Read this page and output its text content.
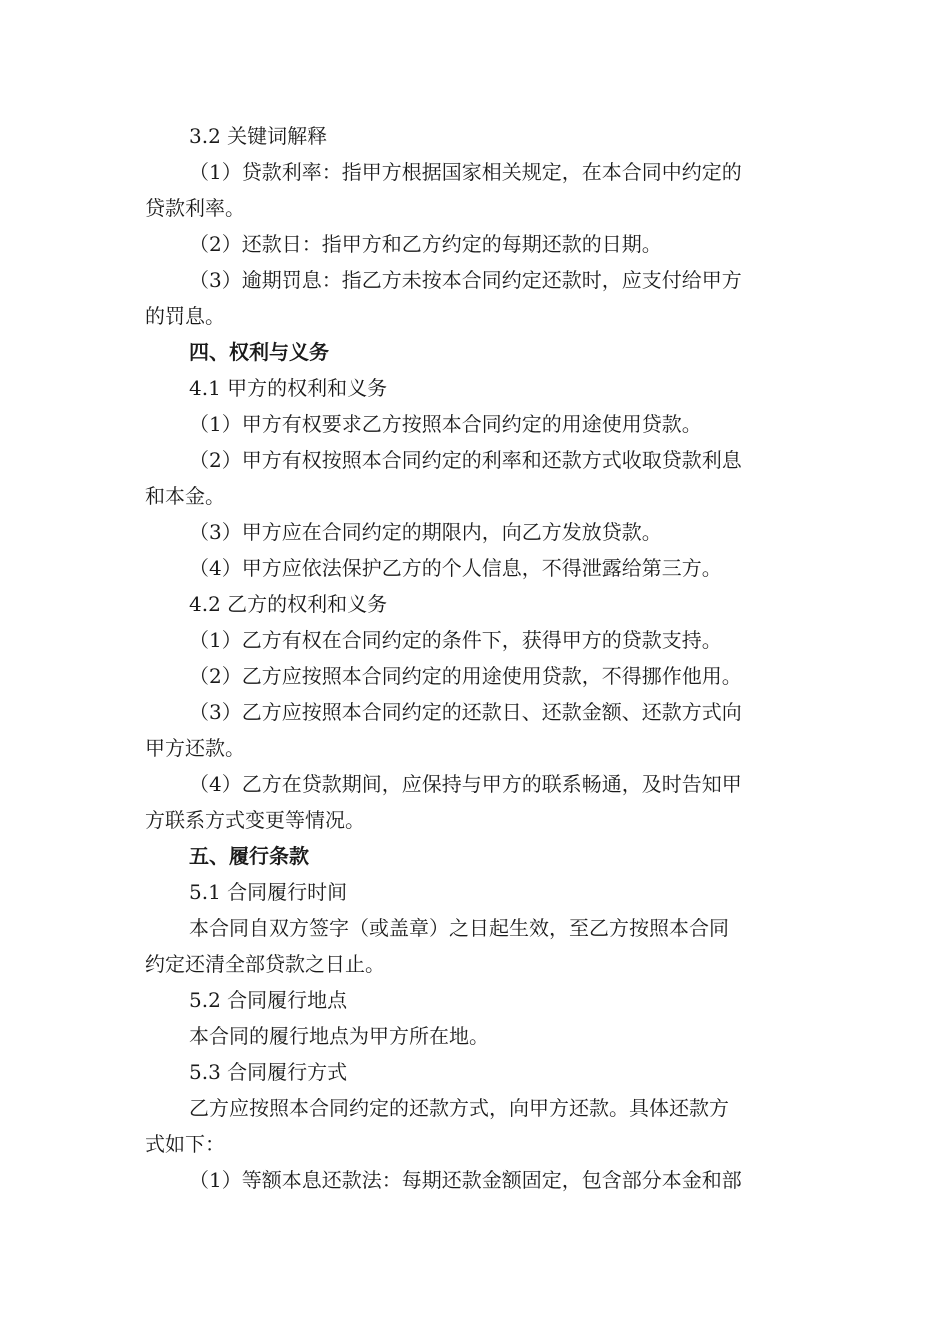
3.2 关键词解释
（1）贷款利率：指甲方根据国家相关规定，在本合同中约定的
贷款利率。
（2）还款日：指甲方和乙方约定的每期还款的日期。
（3）逾期罚息：指乙方未按本合同约定还款时，应支付给甲方
的罚息。
四、权利与义务
4.1 甲方的权利和义务
（1）甲方有权要求乙方按照本合同约定的用途使用贷款。
（2）甲方有权按照本合同约定的利率和还款方式收取贷款利息
和本金。
（3）甲方应在合同约定的期限内，向乙方发放贷款。
（4）甲方应依法保护乙方的个人信息，不得泄露给第三方。
4.2 乙方的权利和义务
（1）乙方有权在合同约定的条件下，获得甲方的贷款支持。
（2）乙方应按照本合同约定的用途使用贷款，不得挪作他用。
（3）乙方应按照本合同约定的还款日、还款金额、还款方式向
甲方还款。
（4）乙方在贷款期间，应保持与甲方的联系畅通，及时告知甲
方联系方式变更等情况。
五、履行条款
5.1 合同履行时间
本合同自双方签字（或盖章）之日起生效，至乙方按照本合同
约定还清全部贷款之日止。
5.2 合同履行地点
本合同的履行地点为甲方所在地。
5.3 合同履行方式
乙方应按照本合同约定的还款方式，向甲方还款。具体还款方
式如下：
（1）等额本息还款法：每期还款金额固定，包含部分本金和部
